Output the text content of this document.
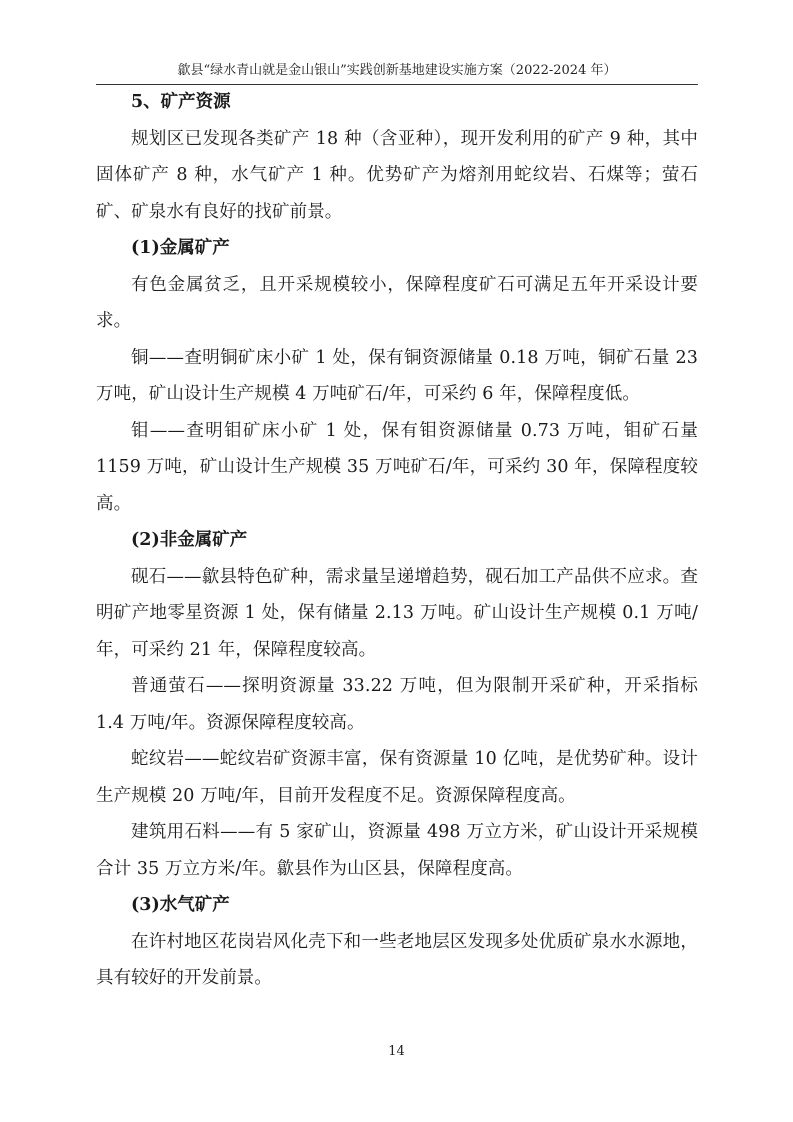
歙县“绿水青山就是金山银山”实践创新基地建设实施方案（2022-2024 年）

5、矿产资源

规划区已发现各类矿产 18 种（含亚种），现开发利用的矿产 9 种，其中固体矿产 8 种，水气矿产 1 种。优势矿产为熔剂用蛇纹岩、石煤等；萤石矿、矿泉水有良好的找矿前景。

(1)金属矿产

有色金属贫乏，且开采规模较小，保障程度矿石可满足五年开采设计要求。

铜——查明铜矿床小矿 1 处，保有铜资源储量 0.18 万吨，铜矿石量 23 万吨，矿山设计生产规模 4 万吨矿石/年，可采约 6 年，保障程度低。

钼——查明钼矿床小矿 1 处，保有钼资源储量 0.73 万吨，钼矿石量 1159 万吨，矿山设计生产规模 35 万吨矿石/年，可采约 30 年，保障程度较高。

(2)非金属矿产

砚石——歙县特色矿种，需求量呈递增趋势，砚石加工产品供不应求。查明矿产地零星资源 1 处，保有储量 2.13 万吨。矿山设计生产规模 0.1 万吨/年，可采约 21 年，保障程度较高。

普通萤石——探明资源量 33.22 万吨，但为限制开采矿种，开采指标 1.4 万吨/年。资源保障程度较高。

蛇纹岩——蛇纹岩矿资源丰富，保有资源量 10 亿吨，是优势矿种。设计生产规模 20 万吨/年，目前开发程度不足。资源保障程度高。

建筑用石料——有 5 家矿山，资源量 498 万立方米，矿山设计开采规模合计 35 万立方米/年。歙县作为山区县，保障程度高。

(3)水气矿产

在许村地区花岗岩风化壳下和一些老地层区发现多处优质矿泉水水源地，具有较好的开发前景。

14
